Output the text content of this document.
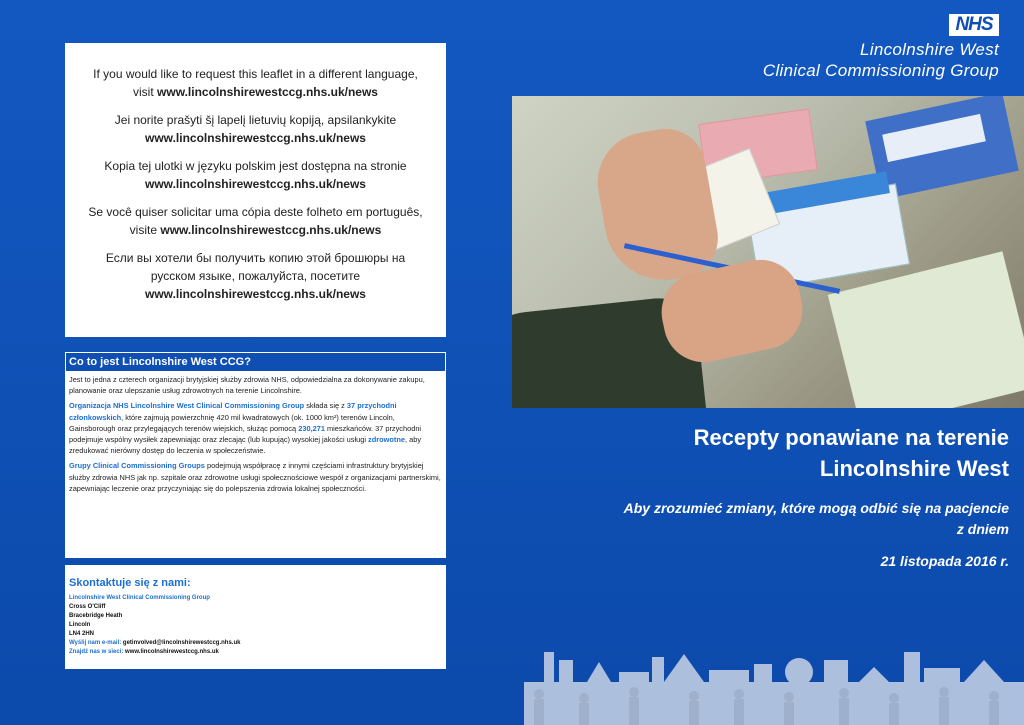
If you would like to request this leaflet in a different language,
visit www.lincolnshirewestccg.nhs.uk/news
Jei norite prašyti šį lapelį lietuvių kopiją, apsilankykite
www.lincolnshirewestccg.nhs.uk/news
Kopia tej ulotki w języku polskim jest dostępna na stronie
www.lincolnshirewestccg.nhs.uk/news
Se você quiser solicitar uma cópia deste folheto em português,
visite www.lincolnshirewestccg.nhs.uk/news
Если вы хотели бы получить копию этой брошюры на
русском языке, пожалуйста, посетите
www.lincolnshirewestccg.nhs.uk/news
Co to jest Lincolnshire West CCG?

Jest to jedna z czterech organizacji brytyjskiej służby zdrowia NHS, odpowiedzialna za dokonywanie zakupu, planowanie oraz ulepszanie usług zdrowotnych na terenie Lincolnshire.

Organizacja NHS Lincolnshire West Clinical Commissioning Group składa się z 37 przychodni członkowskich, które zajmują powierzchnię 420 mil kwadratowych (ok. 1000 km²) terenów Lincoln, Gainsborough oraz przylegających terenów wiejskich, służąc pomocą 230,271 mieszkańców. 37 przychodni podejmuje wspólny wysiłek zapewniając oraz zlecając (lub kupując) wysokiej jakości usługi zdrowotne, aby zredukować nierówny dostęp do leczenia w społeczeństwie.

Grupy Clinical Commissioning Groups podejmują współpracę z innymi częściami infrastruktury brytyjskiej służby zdrowia NHS jak np. szpitale oraz zdrowotne usługi społecznościowe wespół z organizacjami partnerskimi, zapewniając leczenie oraz przyczyniając się do polepszenia zdrowia lokalnej społeczności.

Skontaktuje się z nami:
Lincolnshire West Clinical Commissioning Group
Cross O'Cliff
Bracebridge Heath
Lincoln
LN4 2HN
Wyślij nam e-mail: getinvolved@lincolnshirewestccg.nhs.uk
Znajdź nas w sieci: www.lincolnshirewestccg.nhs.uk
NHS
Lincolnshire West
Clinical Commissioning Group
Recepty ponawiane na terenie
Lincolnshire West
Aby zrozumieć zmiany, które mogą odbić się na pacjencie
z dniem
21 listopada 2016 r.
